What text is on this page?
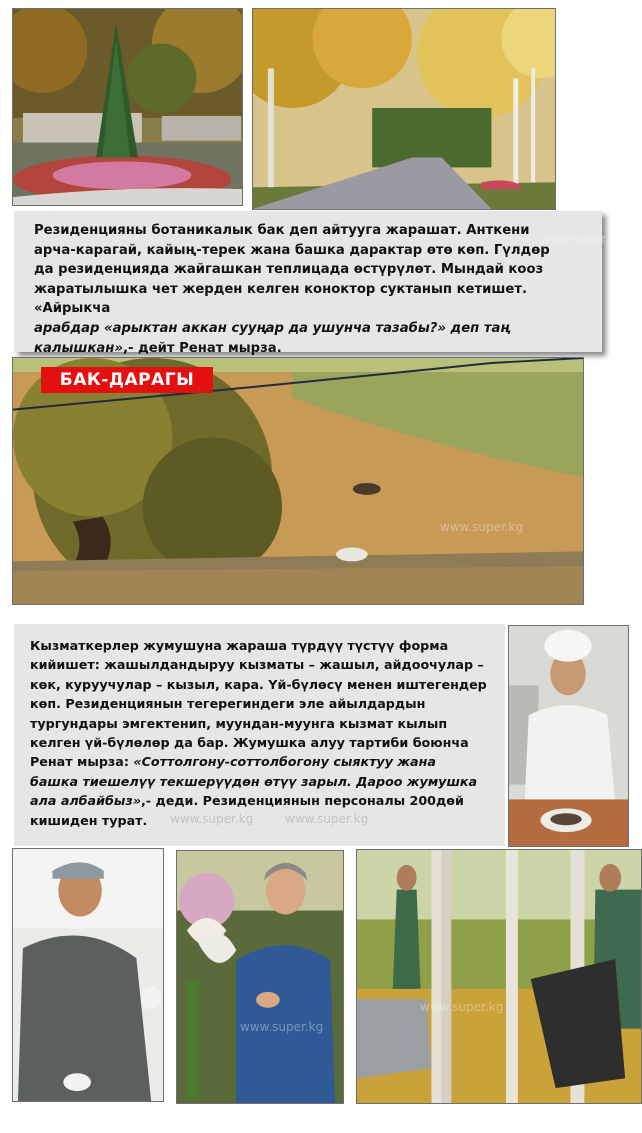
Резиденцияны ботаникалык бак деп айтууга жарашат. Анткени
арча-карагай, кайың-терек жана башка дарактар өтө көп. Гүлдөр
да резиденцияда жайгашкан теплицада өстүрүлөт. Мындай кооз
жаратылышка чет жерден келген коноктор суктанып кетишет. «Айрыкча
арабдар «арыктан аккан сууңар да ушунча тазабы?» деп таң
калышкан»,- дейт Ренат мырза.

БАК-ДАРАГЫ

Кызматкерлер жумушуна жараша түрдүү түстүү форма
кийишет: жашылдандыруу кызматы – жашыл, айдоочулар –
көк, куруучулар – кызыл, кара. Үй-бүлөсү менен иштегендер
көп. Резиденциянын тегерегиндеги эле айылдардын
тургундары эмгектенип, муундан-муунга кызмат кылып
келген үй-бүлөлөр да бар. Жумушка алуу тартиби боюнча
Ренат мырза: «Соттолгону-соттолбогону сыяктуу жана
башка тиешелүү текшерүүдөн өтүү зарыл. Дароо жумушка
ала албайбыз»,- деди. Резиденциянын персоналы 200дөй
кишиден турат.

www.super.kg
www.super.kg
www.super.kg	www.super.kg
www.super.kg
www.super.kg
